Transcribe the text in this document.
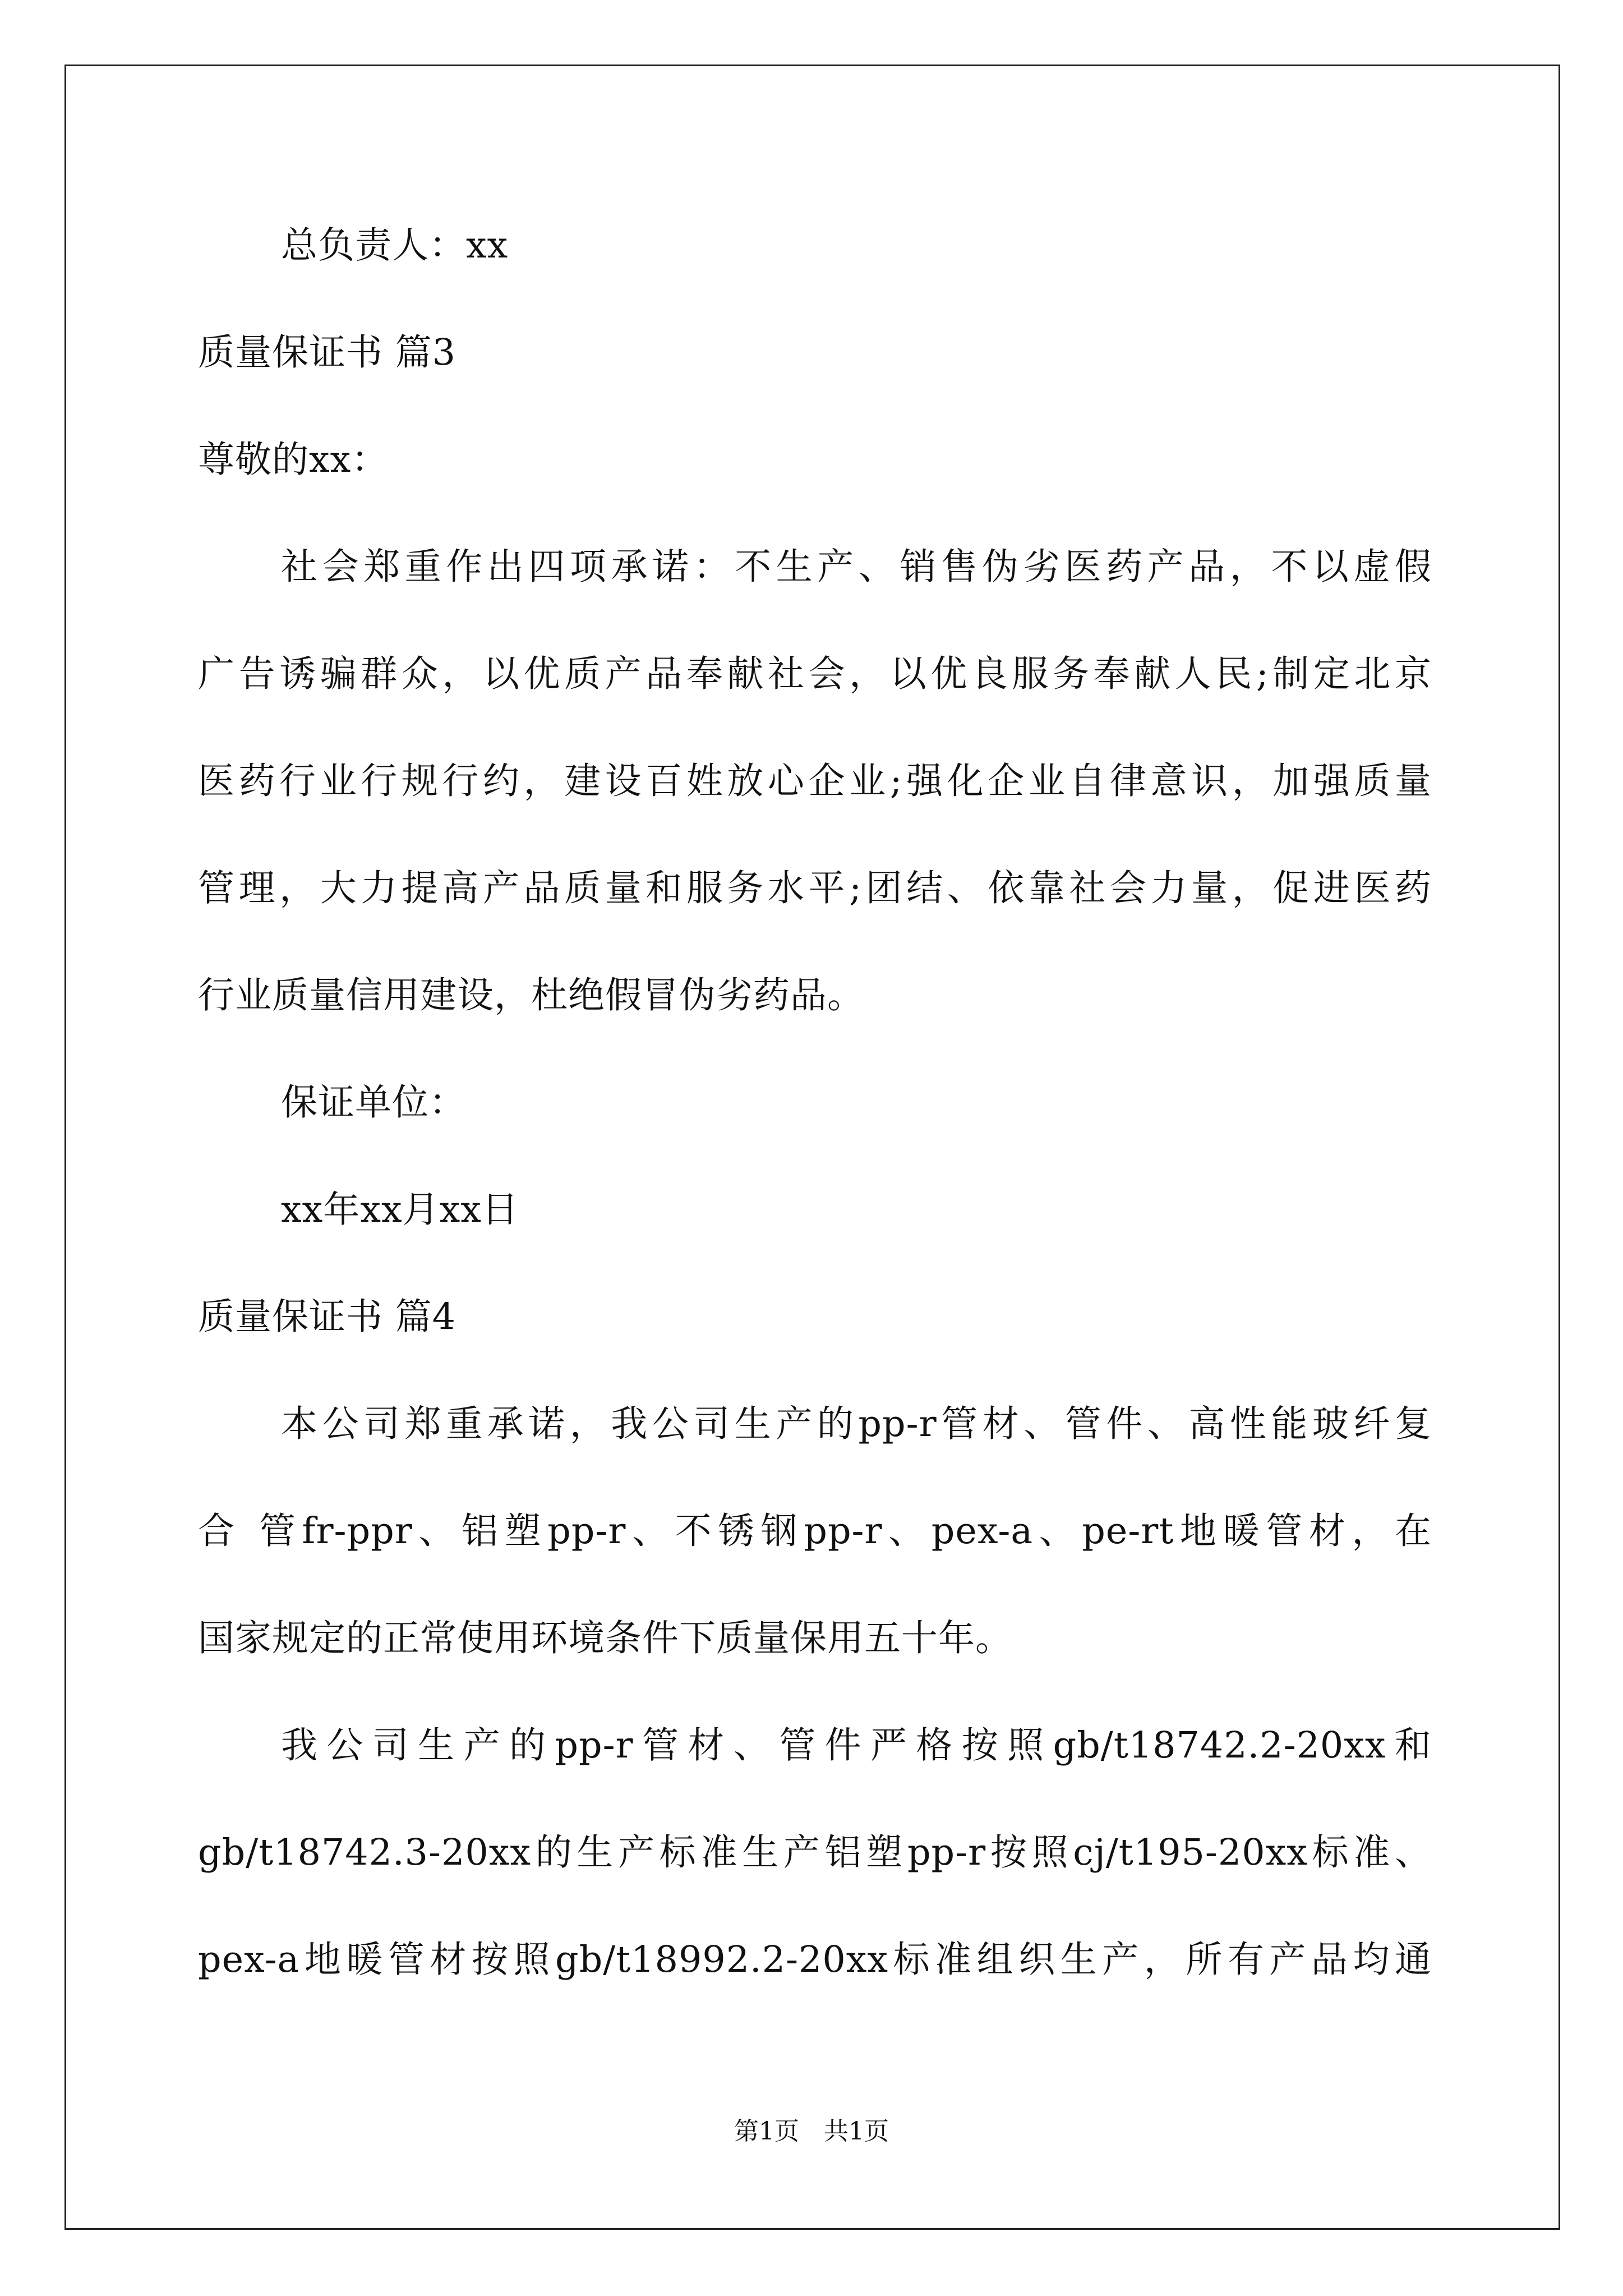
总负责人：xx
质量保证书 篇3
尊敬的xx：
社会郑重作出四项承诺：不生产、销售伪劣医药产品，不以虚假
广告诱骗群众，以优质产品奉献社会，以优良服务奉献人民;制定北京
医药行业行规行约，建设百姓放心企业;强化企业自律意识，加强质量
管理，大力提高产品质量和服务水平;团结、依靠社会力量，促进医药
行业质量信用建设，杜绝假冒伪劣药品。
保证单位：
xx年xx月xx日
质量保证书 篇4
本公司郑重承诺，我公司生产的pp-r管材、管件、高性能玻纤复
合 管fr-ppr、铝塑pp-r、不锈钢pp-r、pex-a、pe-rt地暖管材，在
国家规定的正常使用环境条件下质量保用五十年。
我公司生产的pp-r管材、管件严格按照gb/t18742.2-20xx和
gb/t18742.3-20xx的生产标准生产铝塑pp-r按照cj/t195-20xx标准、
pex-a地暖管材按照gb/t18992.2-20xx标准组织生产，所有产品均通
第1页　共1页
